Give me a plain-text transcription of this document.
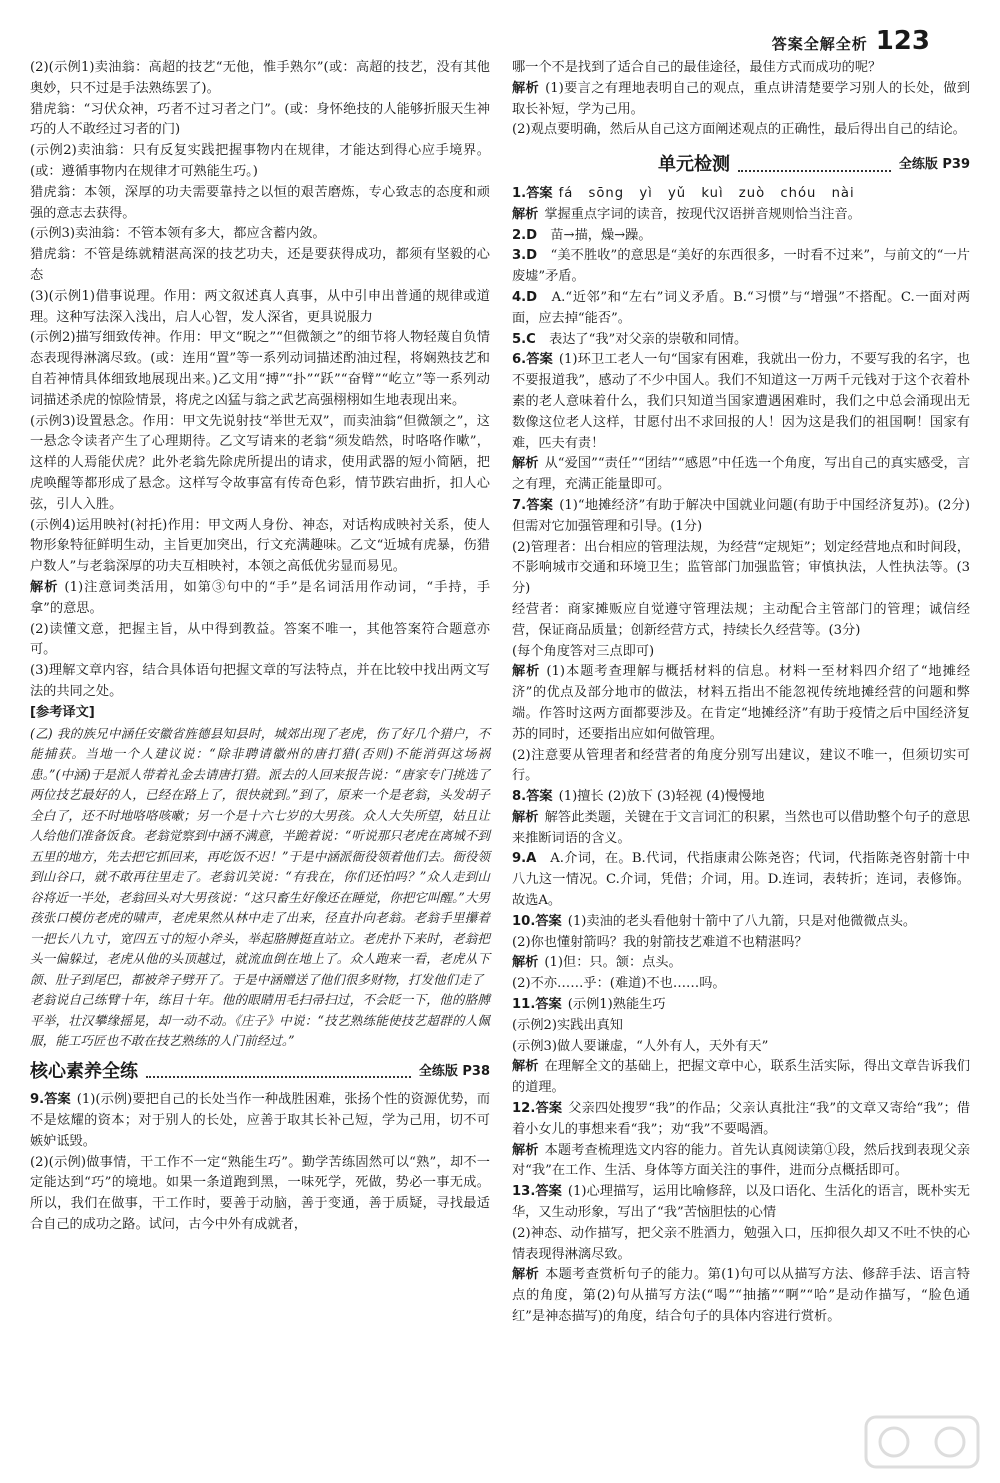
答案全解全析 123

(2)(示例1)卖油翁：高超的技艺“无他，惟手熟尔”(或：高超的技艺，没有其他奥妙，只不过是手法熟练罢了)。

猎虎翁：“习伏众神，巧者不过习者之门”。(或：身怀绝技的人能够折服天生神巧的人不敢经过习者的门)

(示例2)卖油翁：只有反复实践把握事物内在规律，才能达到得心应手境界。(或：遵循事物内在规律才可熟能生巧。)

猎虎翁：本领，深厚的功夫需要靠持之以恒的艰苦磨炼，专心致志的态度和顽强的意志去获得。

(示例3)卖油翁：不管本领有多大，都应含蓄内敛。

猎虎翁：不管是练就精湛高深的技艺功夫，还是要获得成功，都须有坚毅的心态

(3)(示例1)借事说理。作用：两文叙述真人真事，从中引申出普通的规律或道理。这种写法深入浅出，启人心智，发人深省，更具说服力

(示例2)描写细致传神。作用：甲文“睨之”“但微颔之”的细节将人物轻蔑自负情态表现得淋漓尽致。(或：连用“置”等一系列动词描述酌油过程，将娴熟技艺和自若神情具体细致地展现出来。)乙文用“搏”“扑”“跃”“奋臂”“屹立”等一系列动词描述杀虎的惊险情景，将虎之凶猛与翁之武艺高强栩栩如生地表现出来。

(示例3)设置悬念。作用：甲文先说射技“举世无双”，而卖油翁“但微颔之”，这一悬念令读者产生了心理期待。乙文写请来的老翁“须发皓然，时咯咯作嗽”，这样的人焉能伏虎？此外老翁先除虎所提出的请求，使用武器的短小简陋，把虎唤醒等都形成了悬念。这样写令故事富有传奇色彩，情节跌宕曲折，扣人心弦，引人入胜。

(示例4)运用映衬(衬托)作用：甲文两人身份、神态，对话构成映衬关系，使人物形象特征鲜明生动，主旨更加突出，行文充满趣味。乙文“近城有虎暴，伤猎户数人”与老翁深厚的功夫互相映衬，本领之高低优劣显而易见。

解析 (1)注意词类活用，如第③句中的“手”是名词活用作动词，“手持，手拿”的意思。

(2)读懂文意，把握主旨，从中得到教益。答案不唯一，其他答案符合题意亦可。

(3)理解文章内容，结合具体语句把握文章的写法特点，并在比较中找出两文写法的共同之处。

[参考译文]

(乙) 我的族兄中涵任安徽省旌德县知县时，城郊出现了老虎，伤了好几个猎户，不能捕获。当地一个人建议说：“除非聘请徽州的唐打猎(否则)不能消弭这场祸患。”(中涵)于是派人带着礼金去请唐打猎。派去的人回来报告说：“唐家专门挑选了两位技艺最好的人，已经在路上了，很快就到。”到了，原来一个是老翁，头发胡子全白了，还不时地咯咯咳嗽；另一个是十六七岁的大男孩。众人大失所望，姑且让人给他们准备饭食。老翁觉察到中涵不满意，半跪着说：“听说那只老虎在离城不到五里的地方，先去把它抓回来，再吃饭不迟！”于是中涵派衙役领着他们去。衙役领到山谷口，就不敢再往里走了。老翁讥笑说：“有我在，你们还怕吗？”众人走到山谷将近一半处，老翁回头对大男孩说：“这只畜生好像还在睡觉，你把它叫醒。”大男孩张口模仿老虎的啸声，老虎果然从林中走了出来，径直扑向老翁。老翁手里攥着一把长八九寸，宽四五寸的短小斧头，举起胳膊挺直站立。老虎扑下来时，老翁把头一偏躲过，老虎从他的头顶越过，就流血倒在地上了。众人跑来一看，老虎从下颌、肚子到尾巴，都被斧子劈开了。于是中涵赠送了他们很多财物，打发他们走了

老翁说自己练臂十年，练目十年。他的眼睛用毛扫帚扫过，不会眨一下，他的胳膊平举，壮汉攀缘摇晃，却一动不动。《庄子》中说：“技艺熟练能使技艺超群的人佩服，能工巧匠也不敢在技艺熟练的人门前经过。”

核心素养全练	全练版 P38

9.答案 (1)(示例)要把自己的长处当作一种战胜困难，张扬个性的资源优势，而不是炫耀的资本；对于别人的长处，应善于取其长补己短，学为己用，切不可嫉妒诋毁。

(2)(示例)做事情，干工作不一定“熟能生巧”。勤学苦练固然可以“熟”，却不一定能达到“巧”的境地。如果一条道跑到黑，一味死学，死做，势必一事无成。所以，我们在做事，干工作时，要善于动脑，善于变通，善于质疑，寻找最适合自己的成功之路。试问，古今中外有成就者，

哪一个不是找到了适合自己的最佳途径，最佳方式而成功的呢？

解析 (1)要言之有理地表明自己的观点，重点讲清楚要学习别人的长处，做到取长补短，学为己用。

(2)观点要明确，然后从自己这方面阐述观点的正确性，最后得出自己的结论。

单元检测	全练版 P39

1.答案 fá sōng yì yǔ kuì zuò chóu nài

解析 掌握重点字词的读音，按现代汉语拼音规则恰当注音。

2.D　 苗→描，燥→躁。

3.D　 “美不胜收”的意思是“美好的东西很多，一时看不过来”，与前文的“一片废墟”矛盾。

4.D　 A.“近邻”和“左右”词义矛盾。B.“习惯”与“增强”不搭配。C.一面对两面，应去掉“能否”。

5.C　 表达了“我”对父亲的崇敬和同情。

6.答案 (1)环卫工老人一句“国家有困难，我就出一份力，不要写我的名字，也不要报道我”，感动了不少中国人。我们不知道这一万两千元钱对于这个衣着朴素的老人意味着什么，我们只知道当国家遭遇困难时，我们之中总会涌现出无数像这位老人这样，甘愿付出不求回报的人！因为这是我们的祖国啊！国家有难，匹夫有责！

解析 从“爱国”“责任”“团结”“感恩”中任选一个角度，写出自己的真实感受，言之有理，充满正能量即可。

7.答案 (1)“地摊经济”有助于解决中国就业问题(有助于中国经济复苏)。(2分)但需对它加强管理和引导。(1分)

(2)管理者：出台相应的管理法规，为经营“定规矩”；划定经营地点和时间段，不影响城市交通和环境卫生；监管部门加强监管；审慎执法，人性执法等。(3分)

经营者：商家摊贩应自觉遵守管理法规；主动配合主管部门的管理；诚信经营，保证商品质量；创新经营方式，持续长久经营等。(3分)

(每个角度答对三点即可)

解析 (1)本题考查理解与概括材料的信息。材料一至材料四介绍了“地摊经济”的优点及部分地市的做法，材料五指出不能忽视传统地摊经营的问题和弊端。作答时这两方面都要涉及。在肯定“地摊经济”有助于疫情之后中国经济复苏的同时，还要指出应如何做管理。

(2)注意要从管理者和经营者的角度分别写出建议，建议不唯一，但须切实可行。

8.答案 (1)擅长 (2)放下 (3)轻视 (4)慢慢地

解析 解答此类题，关键在于文言词汇的积累，当然也可以借助整个句子的意思来推断词语的含义。

9.A　 A.介词，在。B.代词，代指康肃公陈尧咨；代词，代指陈尧咨射箭十中八九这一情况。C.介词，凭借；介词，用。D.连词，表转折；连词，表修饰。故选A。

10.答案 (1)卖油的老头看他射十箭中了八九箭，只是对他微微点头。

(2)你也懂射箭吗？我的射箭技艺难道不也精湛吗？

解析 (1)但：只。颔：点头。

(2)不亦……乎：(难道)不也……吗。

11.答案 (示例1)熟能生巧

(示例2)实践出真知

(示例3)做人要谦虚，“人外有人，天外有天”

解析 在理解全文的基础上，把握文章中心，联系生活实际，得出文章告诉我们的道理。

12.答案 父亲四处搜罗“我”的作品；父亲认真批注“我”的文章又寄给“我”；借着小女儿的事想来看“我”；劝“我”不要喝酒。

解析 本题考查梳理选文内容的能力。首先认真阅读第①段，然后找到表现父亲对“我”在工作、生活、身体等方面关注的事件，进而分点概括即可。

13.答案 (1)心理描写，运用比喻修辞，以及口语化、生活化的语言，既朴实无华，又生动形象，写出了“我”苦恼胆怯的心情

(2)神态、动作描写，把父亲不胜酒力，勉强入口，压抑很久却又不吐不快的心情表现得淋漓尽致。

解析 本题考查赏析句子的能力。第(1)句可以从描写方法、修辞手法、语言特点的角度，第(2)句从描写方法(“喝”“抽搐”“啊”“哈”是动作描写，“脸色通红”是神态描写)的角度，结合句子的具体内容进行赏析。
